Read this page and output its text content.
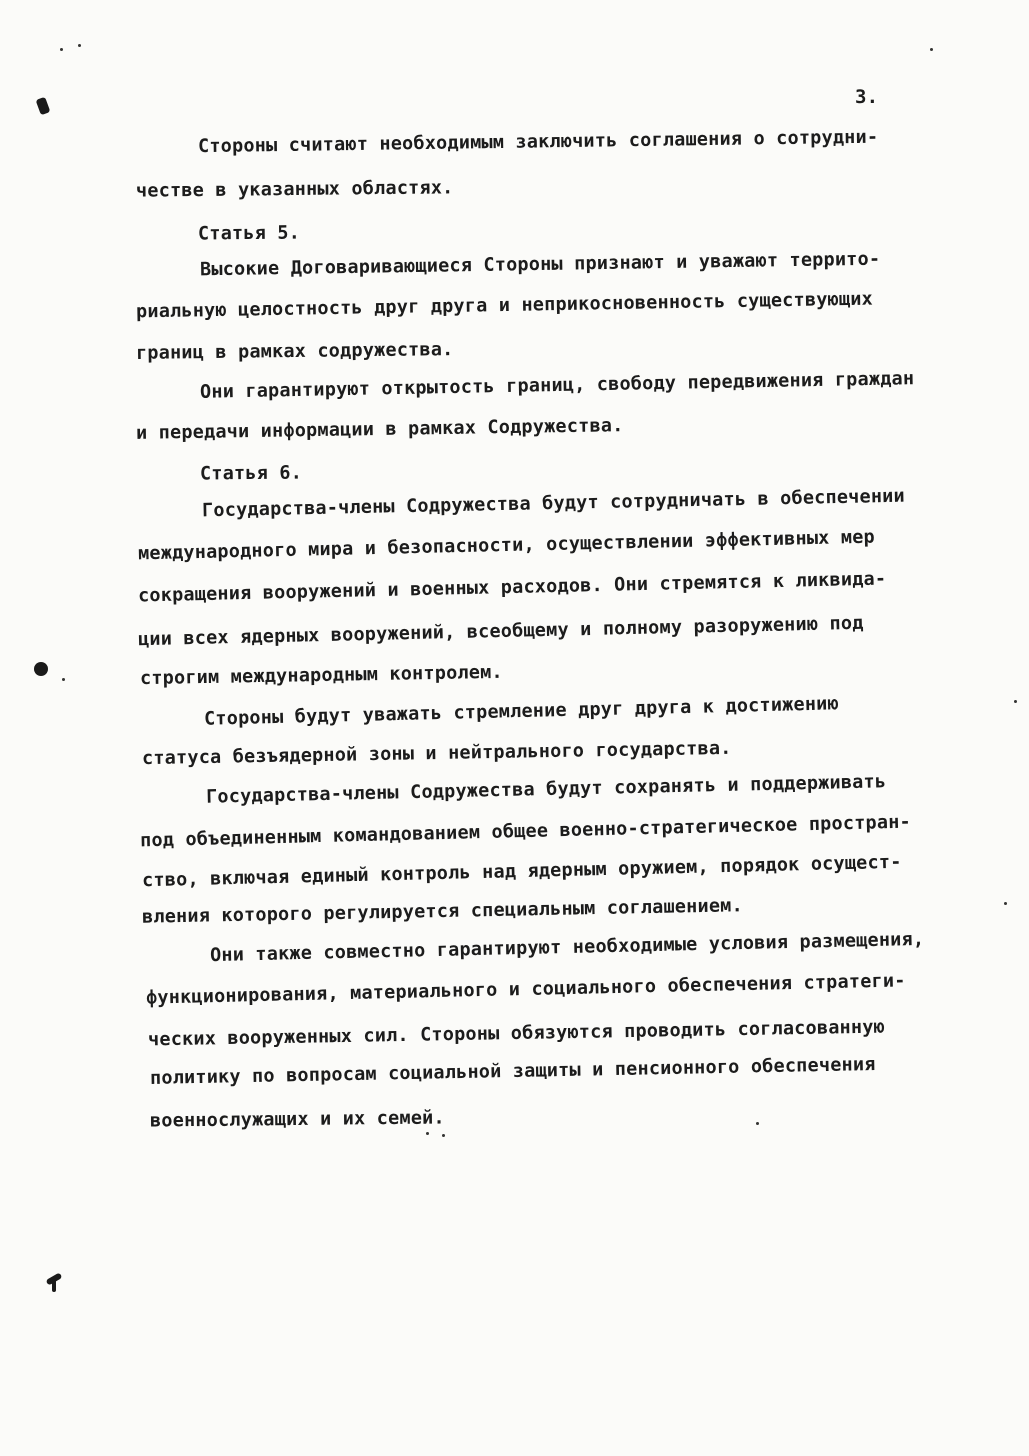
3.
Стороны считают необходимым заключить соглашения о сотрудни-
честве в указанных областях.
Статья 5.
Высокие Договаривающиеся Стороны признают и уважают террито-
риальную целостность друг друга и неприкосновенность существующих
границ в рамках содружества.
Они гарантируют открытость границ, свободу передвижения граждан
и передачи информации в рамках Содружества.
Статья 6.
Государства-члены Содружества будут сотрудничать в обеспечении
международного мира и безопасности, осуществлении эффективных мер
сокращения вооружений и военных расходов. Они стремятся к ликвида-
ции всех ядерных вооружений, всеобщему и полному разоружению под
строгим международным контролем.
Стороны будут уважать стремление друг друга к достижению
статуса безъядерной зоны и нейтрального государства.
Государства-члены Содружества будут сохранять и поддерживать
под объединенным командованием общее военно-стратегическое простран-
ство, включая единый контроль над ядерным оружием, порядок осущест-
вления которого регулируется специальным соглашением.
Они также совместно гарантируют необходимые условия размещения,
функционирования, материального и социального обеспечения стратеги-
ческих вооруженных сил. Стороны обязуются проводить согласованную
политику по вопросам социальной защиты и пенсионного обеспечения
военнослужащих и их семей.
